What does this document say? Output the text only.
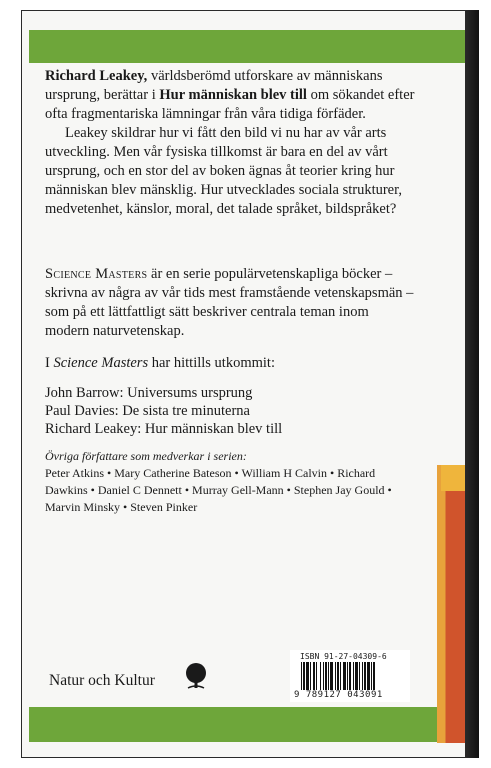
Richard Leakey, världsberömd utforskare av människans ursprung, berättar i Hur människan blev till om sökandet efter ofta fragmentariska lämningar från våra tidiga förfäder.

Leakey skildrar hur vi fått den bild vi nu har av vår arts utveckling. Men vår fysiska tillkomst är bara en del av vårt ursprung, och en stor del av boken ägnas åt teorier kring hur människan blev mänsklig. Hur utvecklades sociala strukturer, medvetenhet, känslor, moral, det talade språket, bildspråket?

Science Masters är en serie populärvetenskapliga böcker – skrivna av några av vår tids mest framstående vetenskapsmän – som på ett lättfattligt sätt beskriver centrala teman inom modern naturvetenskap.
I Science Masters har hittills utkommit:
John Barrow: Universums ursprung
Paul Davies: De sista tre minuterna
Richard Leakey: Hur människan blev till
Övriga författare som medverkar i serien:
Peter Atkins • Mary Catherine Bateson • William H Calvin • Richard Dawkins • Daniel C Dennett • Murray Gell-Mann • Stephen Jay Gould • Marvin Minsky • Steven Pinker
Natur och Kultur
ISBN 91-27-04309-6
9 789127 043091
